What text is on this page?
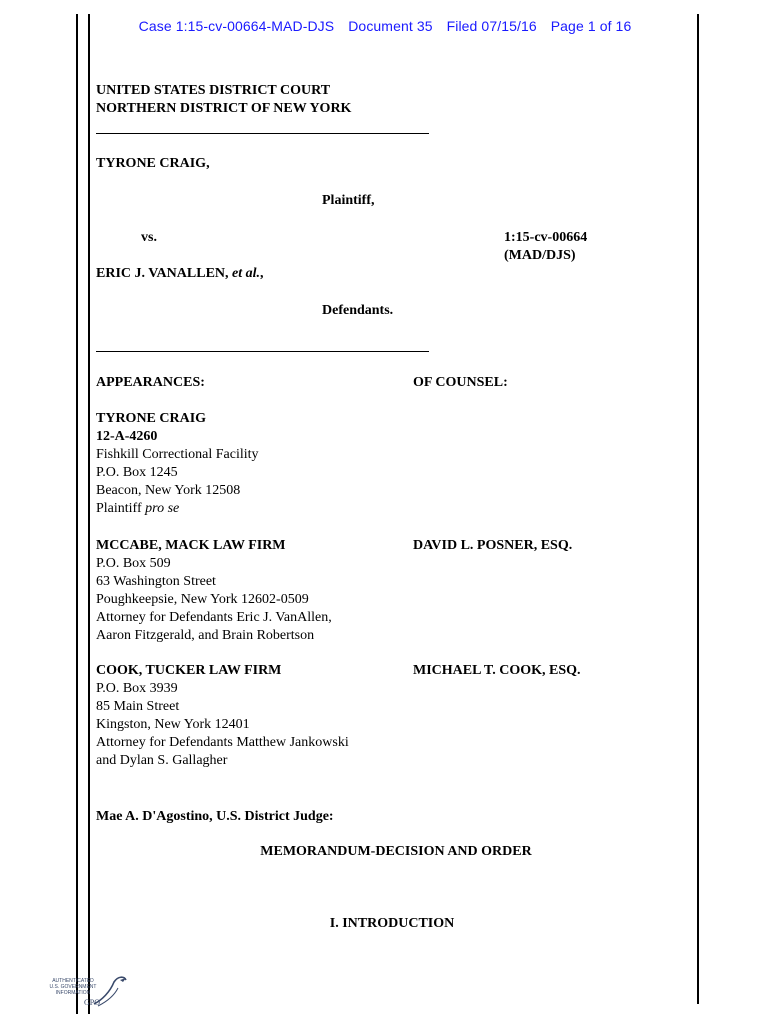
Case 1:15-cv-00664-MAD-DJS Document 35 Filed 07/15/16 Page 1 of 16
UNITED STATES DISTRICT COURT
NORTHERN DISTRICT OF NEW YORK
TYRONE CRAIG,
Plaintiff,
vs.	1:15-cv-00664
(MAD/DJS)
ERIC J. VANALLEN, et al.,
Defendants.
APPEARANCES:	OF COUNSEL:
TYRONE CRAIG
12-A-4260
Fishkill Correctional Facility
P.O. Box 1245
Beacon, New York 12508
Plaintiff pro se
MCCABE, MACK LAW FIRM
P.O. Box 509
63 Washington Street
Poughkeepsie, New York 12602-0509
Attorney for Defendants Eric J. VanAllen,
Aaron Fitzgerald, and Brain Robertson
DAVID L. POSNER, ESQ.
COOK, TUCKER LAW FIRM
P.O. Box 3939
85 Main Street
Kingston, New York 12401
Attorney for Defendants Matthew Jankowski
and Dylan S. Gallagher
MICHAEL T. COOK, ESQ.
Mae A. D'Agostino, U.S. District Judge:
MEMORANDUM-DECISION AND ORDER
I. INTRODUCTION
AUTHENTICATED
U.S. GOVERNMENT
INFORMATION
GPO
